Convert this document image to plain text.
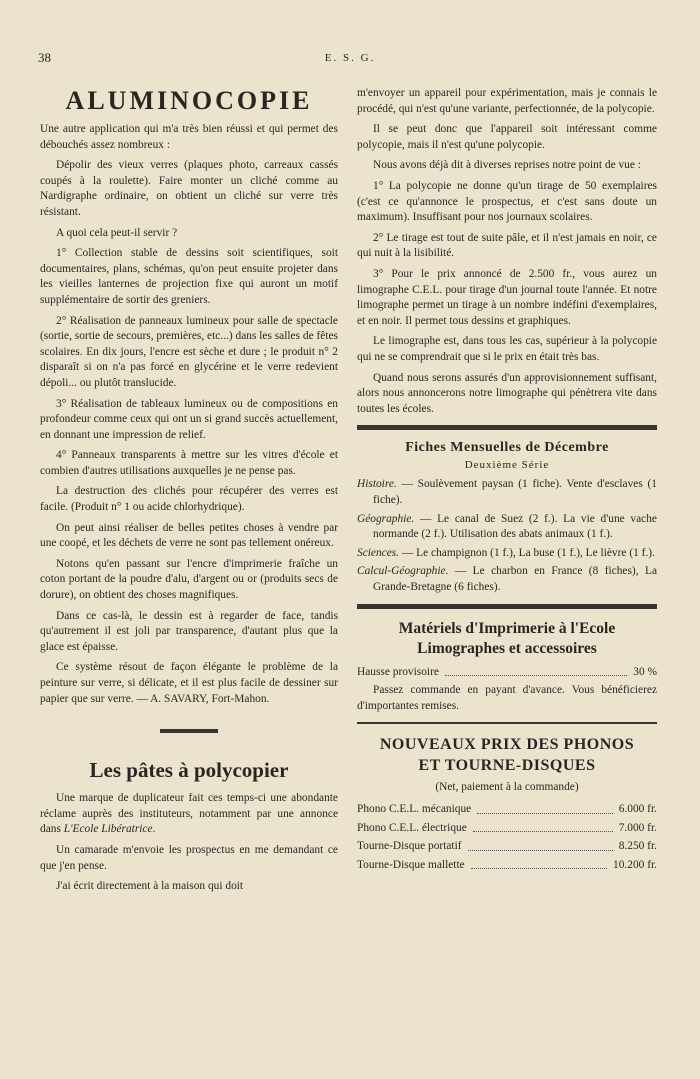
38	E. S. G.
ALUMINOCOPIE

Une autre application qui m'a très bien réussi et qui permet des débouchés assez nombreux :

Dépolir des vieux verres (plaques photo, carreaux cassés coupés à la roulette). Faire monter un cliché comme au Nardigraphe ordinaire, on obtient un cliché sur verre très résistant.

A quoi cela peut-il servir ?

1° Collection stable de dessins soit scientifiques, soit documentaires, plans, schémas, qu'on peut ensuite projeter dans les vieilles lanternes de projection fixe qui auront un motif supplémentaire de sortir des greniers.

2° Réalisation de panneaux lumineux pour salle de spectacle (sortie, sortie de secours, premières, etc...) dans les salles de fêtes scolaires. En dix jours, l'encre est sèche et dure ; le produit n° 2 disparaît si on n'a pas forcé en glycérine et le verre redevient dépoli... ou plutôt translucide.

3° Réalisation de tableaux lumineux ou de compositions en profondeur comme ceux qui ont un si grand succès actuellement, en donnant une impression de relief.

4° Panneaux transparents à mettre sur les vitres d'école et combien d'autres utilisations auxquelles je ne pense pas.

La destruction des clichés pour récupérer des verres est facile. (Produit n° 1 ou acide chlorhydrique).

On peut ainsi réaliser de belles petites choses à vendre par une coopé, et les déchets de verre ne sont pas tellement onéreux.

Notons qu'en passant sur l'encre d'imprimerie fraîche un coton portant de la poudre d'alu, d'argent ou or (produits secs de dorure), on obtient des choses magnifiques.

Dans ce cas-là, le dessin est à regarder de face, tandis qu'autrement il est joli par transparence, d'autant plus que la glace est épaisse.

Ce système résout de façon élégante le problème de la peinture sur verre, si délicate, et il est plus facile de dessiner sur papier que sur verre. — A. SAVARY, Fort-Mahon.

Les pâtes à polycopier

Une marque de duplicateur fait ces temps-ci une abondante réclame auprès des instituteurs, notamment par une annonce dans L'Ecole Libératrice.

Un camarade m'envoie les prospectus en me demandant ce que j'en pense.

J'ai écrit directement à la maison qui doit

m'envoyer un appareil pour expérimentation, mais je connais le procédé, qui n'est qu'une variante, perfectionnée, de la polycopie.

Il se peut donc que l'appareil soit intéressant comme polycopie, mais il n'est qu'une polycopie.

Nous avons déjà dit à diverses reprises notre point de vue :

1° La polycopie ne donne qu'un tirage de 50 exemplaires (c'est ce qu'annonce le prospectus, et c'est sans doute un maximum). Insuffisant pour nos journaux scolaires.

2° Le tirage est tout de suite pâle, et il n'est jamais en noir, ce qui nuit à la lisibilité.

3° Pour le prix annoncé de 2.500 fr., vous aurez un limographe C.E.L. pour tirage d'un journal toute l'année. Et notre limographe permet un tirage à un nombre indéfini d'exemplaires, et en noir. Il permet tous dessins et graphiques.

Le limographe est, dans tous les cas, supérieur à la polycopie qui ne se comprendrait que si le prix en était très bas.

Quand nous serons assurés d'un approvisionnement suffisant, alors nous annoncerons notre limographe qui pénètrera vite dans toutes les écoles.

Fiches Mensuelles de Décembre
Deuxième Série
Histoire. — Soulèvement paysan (1 fiche). Vente d'esclaves (1 fiche).
Géographie. — Le canal de Suez (2 f.). La vie d'une vache normande (2 f.). Utilisation des abats animaux (1 f.).
Sciences. — Le champignon (1 f.), La buse (1 f.), Le lièvre (1 f.).
Calcul-Géographie. — Le charbon en France (8 fiches), La Grande-Bretagne (6 fiches).
Matériels d'Imprimerie à l'Ecole
Limographes et accessoires
Hausse provisoire	30 %

Passez commande en payant d'avance. Vous bénéficierez d'importantes remises.

NOUVEAUX PRIX DES PHONOS
ET TOURNE-DISQUES
(Net, paiement à la commande)
Phono C.E.L. mécanique	6.000 fr.
Phono C.E.L. électrique	7.000 fr.
Tourne-Disque portatif	8.250 fr.
Tourne-Disque mallette	10.200 fr.
